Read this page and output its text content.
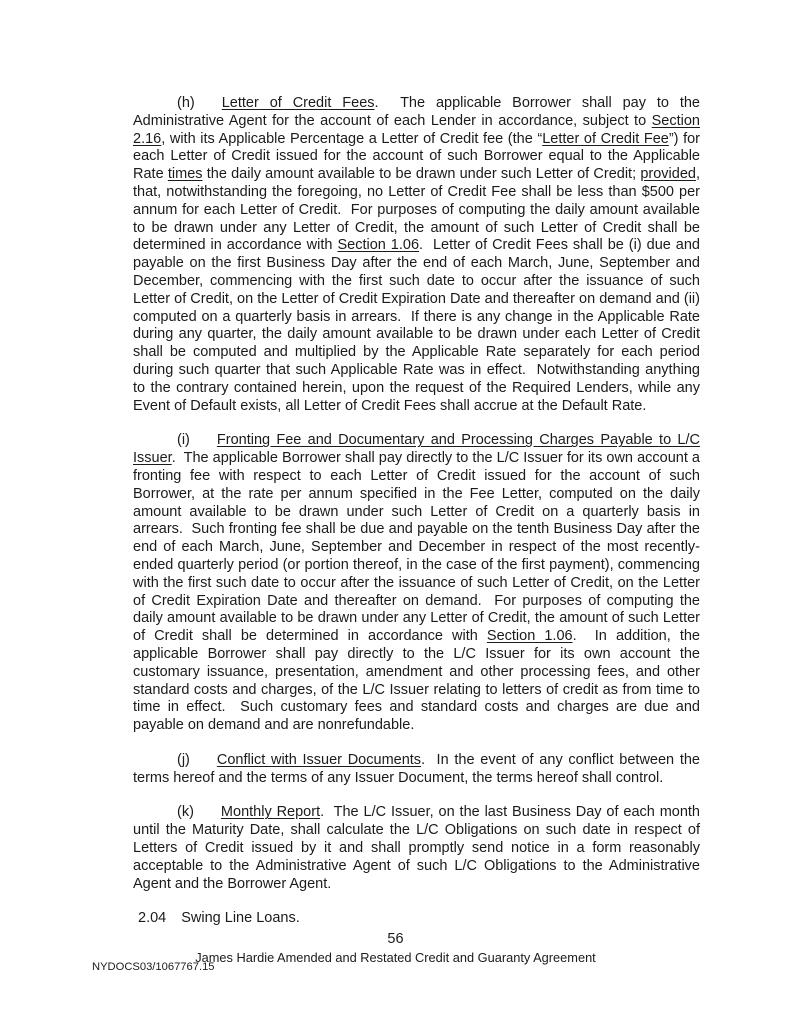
(h) Letter of Credit Fees.  The applicable Borrower shall pay to the Administrative Agent for the account of each Lender in accordance, subject to Section 2.16, with its Applicable Percentage a Letter of Credit fee (the “Letter of Credit Fee”) for each Letter of Credit issued for the account of such Borrower equal to the Applicable Rate times the daily amount available to be drawn under such Letter of Credit; provided, that, notwithstanding the foregoing, no Letter of Credit Fee shall be less than $500 per annum for each Letter of Credit.  For purposes of computing the daily amount available to be drawn under any Letter of Credit, the amount of such Letter of Credit shall be determined in accordance with Section 1.06.  Letter of Credit Fees shall be (i) due and payable on the first Business Day after the end of each March, June, September and December, commencing with the first such date to occur after the issuance of such Letter of Credit, on the Letter of Credit Expiration Date and thereafter on demand and (ii) computed on a quarterly basis in arrears.  If there is any change in the Applicable Rate during any quarter, the daily amount available to be drawn under each Letter of Credit shall be computed and multiplied by the Applicable Rate separately for each period during such quarter that such Applicable Rate was in effect.  Notwithstanding anything to the contrary contained herein, upon the request of the Required Lenders, while any Event of Default exists, all Letter of Credit Fees shall accrue at the Default Rate.

(i) Fronting Fee and Documentary and Processing Charges Payable to L/C Issuer.  The applicable Borrower shall pay directly to the L/C Issuer for its own account a fronting fee with respect to each Letter of Credit issued for the account of such Borrower, at the rate per annum specified in the Fee Letter, computed on the daily amount available to be drawn under such Letter of Credit on a quarterly basis in arrears.  Such fronting fee shall be due and payable on the tenth Business Day after the end of each March, June, September and December in respect of the most recently-ended quarterly period (or portion thereof, in the case of the first payment), commencing with the first such date to occur after the issuance of such Letter of Credit, on the Letter of Credit Expiration Date and thereafter on demand.  For purposes of computing the daily amount available to be drawn under any Letter of Credit, the amount of such Letter of Credit shall be determined in accordance with Section 1.06.  In addition, the applicable Borrower shall pay directly to the L/C Issuer for its own account the customary issuance, presentation, amendment and other processing fees, and other standard costs and charges, of the L/C Issuer relating to letters of credit as from time to time in effect.  Such customary fees and standard costs and charges are due and payable on demand and are nonrefundable.

(j) Conflict with Issuer Documents.  In the event of any conflict between the terms hereof and the terms of any Issuer Document, the terms hereof shall control.

(k) Monthly Report.  The L/C Issuer, on the last Business Day of each month until the Maturity Date, shall calculate the L/C Obligations on such date in respect of Letters of Credit issued by it and shall promptly send notice in a form reasonably acceptable to the Administrative Agent of such L/C Obligations to the Administrative Agent and the Borrower Agent.

2.04 Swing Line Loans.

56
James Hardie Amended and Restated Credit and Guaranty Agreement
NYDOCS03/1067767.15
